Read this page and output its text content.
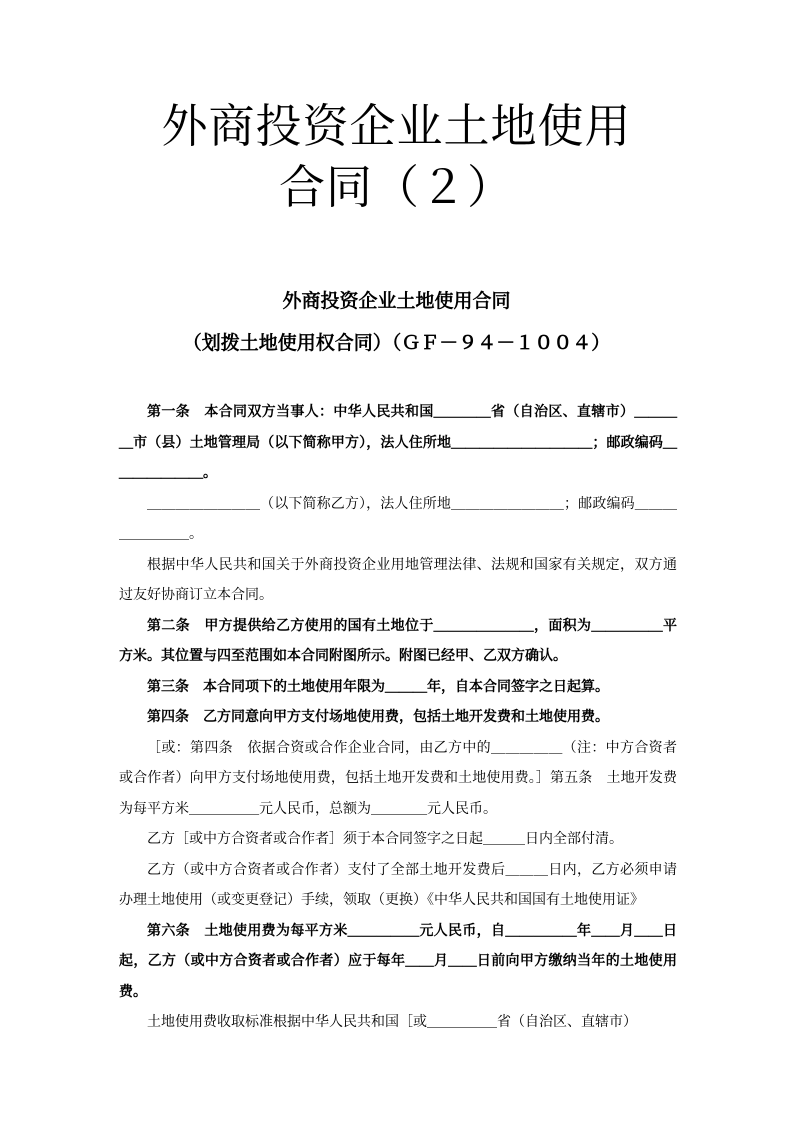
外商投资企业土地使用
合同（２）
外商投资企业土地使用合同
（划拨土地使用权合同）（ＧＦ－９４－１００４）

第一条　本合同双方当事人：中华人民共和国＿＿＿＿省（自治区、直辖市）＿＿＿＿市（县）土地管理局（以下简称甲方），法人住所地＿＿＿＿＿＿＿＿＿＿；邮政编码＿＿＿＿＿＿＿。

＿＿＿＿＿＿＿＿（以下简称乙方），法人住所地＿＿＿＿＿＿＿＿；邮政编码＿＿＿＿＿＿＿＿。

根据中华人民共和国关于外商投资企业用地管理法律、法规和国家有关规定，双方通过友好协商订立本合同。

第二条　甲方提供给乙方使用的国有土地位于＿＿＿＿＿＿＿，面积为＿＿＿＿＿平方米。其位置与四至范围如本合同附图所示。附图已经甲、乙双方确认。

第三条　本合同项下的土地使用年限为＿＿＿年，自本合同签字之日起算。

第四条　乙方同意向甲方支付场地使用费，包括土地开发费和土地使用费。

［或：第四条　依据合资或合作企业合同，由乙方中的＿＿＿＿＿（注：中方合资者或合作者）向甲方支付场地使用费，包括土地开发费和土地使用费。］第五条　土地开发费为每平方米＿＿＿＿＿元人民币，总额为＿＿＿＿元人民币。

乙方［或中方合资者或合作者］须于本合同签字之日起＿＿＿日内全部付清。

乙方（或中方合资者或合作者）支付了全部土地开发费后＿＿＿日内，乙方必须申请办理土地使用（或变更登记）手续，领取（更换）《中华人民共和国国有土地使用证》

第六条　土地使用费为每平方米＿＿＿＿＿元人民币，自＿＿＿＿＿年＿＿月＿＿日起，乙方（或中方合资者或合作者）应于每年＿＿月＿＿日前向甲方缴纳当年的土地使用费。

土地使用费收取标准根据中华人民共和国［或＿＿＿＿＿省（自治区、直辖市）
